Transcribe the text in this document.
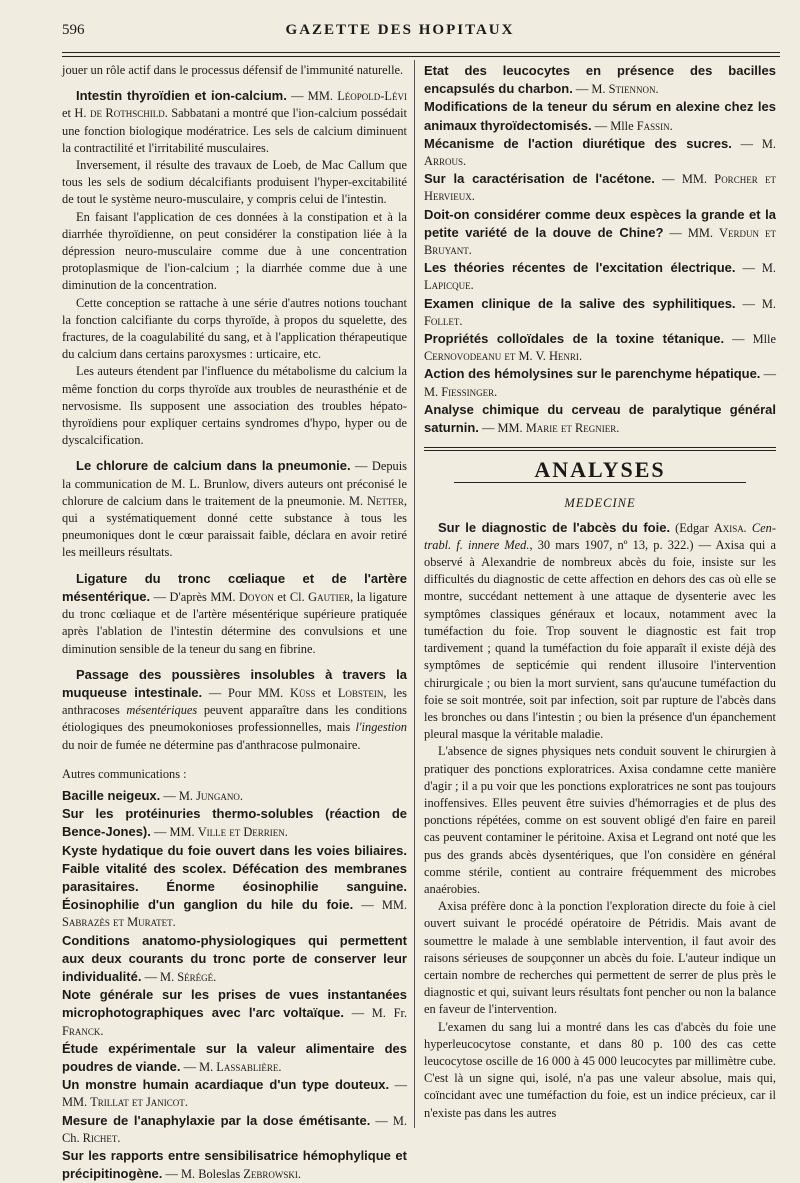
596	GAZETTE DES HOPITAUX

jouer un rôle actif dans le processus défensif de l'immunité naturelle.

Intestin thyroïdien et ion-calcium. — MM. Léopold-Lévi et H. de Rothschild. Sabbatani a montré que l'ion-calcium possédait une fonction biologique modératrice. Les sels de calcium diminuent la contractilité et l'irritabilité musculaires.

Inversement, il résulte des travaux de Loeb, de Mac Callum que tous les sels de sodium décalcifiants produisent l'hyper-excitabilité de tout le système neuro-musculaire, y compris celui de l'intestin.

En faisant l'application de ces données à la constipation et à la diarrhée thyroïdienne, on peut considérer la constipation liée à la dépression neuro-musculaire comme due à une concentration protoplasmique de l'ion-calcium ; la diarrhée comme due à une diminution de la concentration.

Cette conception se rattache à une série d'autres notions touchant la fonction calcifiante du corps thyroïde, à propos du squelette, des fractures, de la coagulabilité du sang, et à l'application thérapeutique du calcium dans certains paroxysmes : urticaire, etc.

Les auteurs étendent par l'influence du métabolisme du calcium la même fonction du corps thyroïde aux troubles de neurasthénie et de nervosisme. Ils supposent une association des troubles hépato-thyroïdiens pour expliquer certains syndromes d'hypo, hyper ou de dyscalcification.

Le chlorure de calcium dans la pneumonie. — Depuis la communication de M. L. Brunlow, divers auteurs ont préconisé le chlorure de calcium dans le traitement de la pneumonie. M. Netter, qui a systématiquement donné cette substance à tous les pneumoniques dont le cœur paraissait faible, déclara en avoir retiré les meilleurs résultats.

Ligature du tronc cœliaque et de l'artère mésentérique. — D'après MM. Doyon et Cl. Gautier, la ligature du tronc cœliaque et de l'artère mésentérique supérieure pratiquée après l'ablation de l'intestin détermine des convulsions et une diminution sensible de la teneur du sang en fibrine.

Passage des poussières insolubles à travers la muqueuse intestinale. — Pour MM. Küss et Lobstein, les anthracoses mésentériques peuvent apparaître dans les conditions étiologiques des pneumokonioses professionnelles, mais l'ingestion du noir de fumée ne détermine pas d'anthracose pulmonaire.

Autres communications :

Bacille neigeux. — M. Jungano.

Sur les protéinuries thermo-solubles (réaction de Bence-Jones). — MM. Ville et Derrien.

Kyste hydatique du foie ouvert dans les voies biliaires. Faible vitalité des scolex. Défécation des membranes parasitaires. Énorme éosinophilie sanguine. Éosinophilie d'un ganglion du hile du foie. — MM. Sabrazès et Muratet.

Conditions anatomo-physiologiques qui permettent aux deux courants du tronc porte de conserver leur individualité. — M. Sérégé.

Note générale sur les prises de vues instantanées microphotographiques avec l'arc voltaïque. — M. Fr. Franck.

Étude expérimentale sur la valeur alimentaire des poudres de viande. — M. Lassablière.

Un monstre humain acardiaque d'un type douteux. — MM. Trillat et Janicot.

Mesure de l'anaphylaxie par la dose émétisante. — M. Ch. Richet.

Sur les rapports entre sensibilisatrice hémophylique et précipitinogène. — M. Boleslas Zebrowski.

Etat des leucocytes en présence des bacilles encapsulés du charbon. — M. Stiennon.

Modifications de la teneur du sérum en alexine chez les animaux thyroïdectomisés. — Mlle Fassin.

Mécanisme de l'action diurétique des sucres. — M. Arrous.

Sur la caractérisation de l'acétone. — MM. Porcher et Hervieux.

Doit-on considérer comme deux espèces la grande et la petite variété de la douve de Chine? — MM. Verdun et Bruyant.

Les théories récentes de l'excitation électrique. — M. Lapicque.

Examen clinique de la salive des syphilitiques. — M. Follet.

Propriétés colloïdales de la toxine tétanique. — Mlle Cernovodeanu et M. V. Henri.

Action des hémolysines sur le parenchyme hépatique. — M. Fiessinger.

Analyse chimique du cerveau de paralytique général saturnin. — MM. Marie et Regnier.

ANALYSES
MEDECINE

Sur le diagnostic de l'abcès du foie. (Edgar Axisa. Cen-trabl. f. innere Med., 30 mars 1907, nº 13, p. 322.) — Axisa qui a observé à Alexandrie de nombreux abcès du foie, insiste sur les difficultés du diagnostic de cette affection en dehors des cas où elle se montre, succédant nettement à une attaque de dysenterie avec les symptômes classiques généraux et locaux, notamment avec la tuméfaction du foie. Trop souvent le diagnostic est fait trop tardivement ; quand la tuméfaction du foie apparaît il existe déjà des symptômes de septicémie qui rendent illusoire l'intervention chirurgicale ; ou bien la mort survient, sans qu'aucune tuméfaction du foie se soit montrée, soit par infection, soit par rupture de l'abcès dans les bronches ou dans l'intestin ; ou bien la présence d'un épanchement pleural masque la véritable maladie.

L'absence de signes physiques nets conduit souvent le chirurgien à pratiquer des ponctions exploratrices. Axisa condamne cette manière d'agir ; il a pu voir que les ponctions exploratrices ne sont pas toujours inoffensives. Elles peuvent être suivies d'hémorragies et de plus des ponctions répétées, comme on est souvent obligé d'en faire en pareil cas peuvent contaminer le péritoine. Axisa et Legrand ont noté que les pus des grands abcès dysentériques, que l'on considère en général comme stérile, contient au contraire fréquemment des microbes anaérobies.

Axisa préfère donc à la ponction l'exploration directe du foie à ciel ouvert suivant le procédé opératoire de Pétridis. Mais avant de soumettre le malade à une semblable intervention, il faut avoir des raisons sérieuses de soupçonner un abcès du foie. L'auteur indique un certain nombre de recherches qui permettent de serrer de plus près le diagnostic et qui, suivant leurs résultats font pencher ou non la balance en faveur de l'intervention.

L'examen du sang lui a montré dans les cas d'abcès du foie une hyperleucocytose constante, et dans 80 p. 100 des cas cette leucocytose oscille de 16 000 à 45 000 leucocytes par millimètre cube. C'est là un signe qui, isolé, n'a pas une valeur absolue, mais qui, coïncidant avec une tuméfaction du foie, est un indice précieux, car il n'existe pas dans les autres
